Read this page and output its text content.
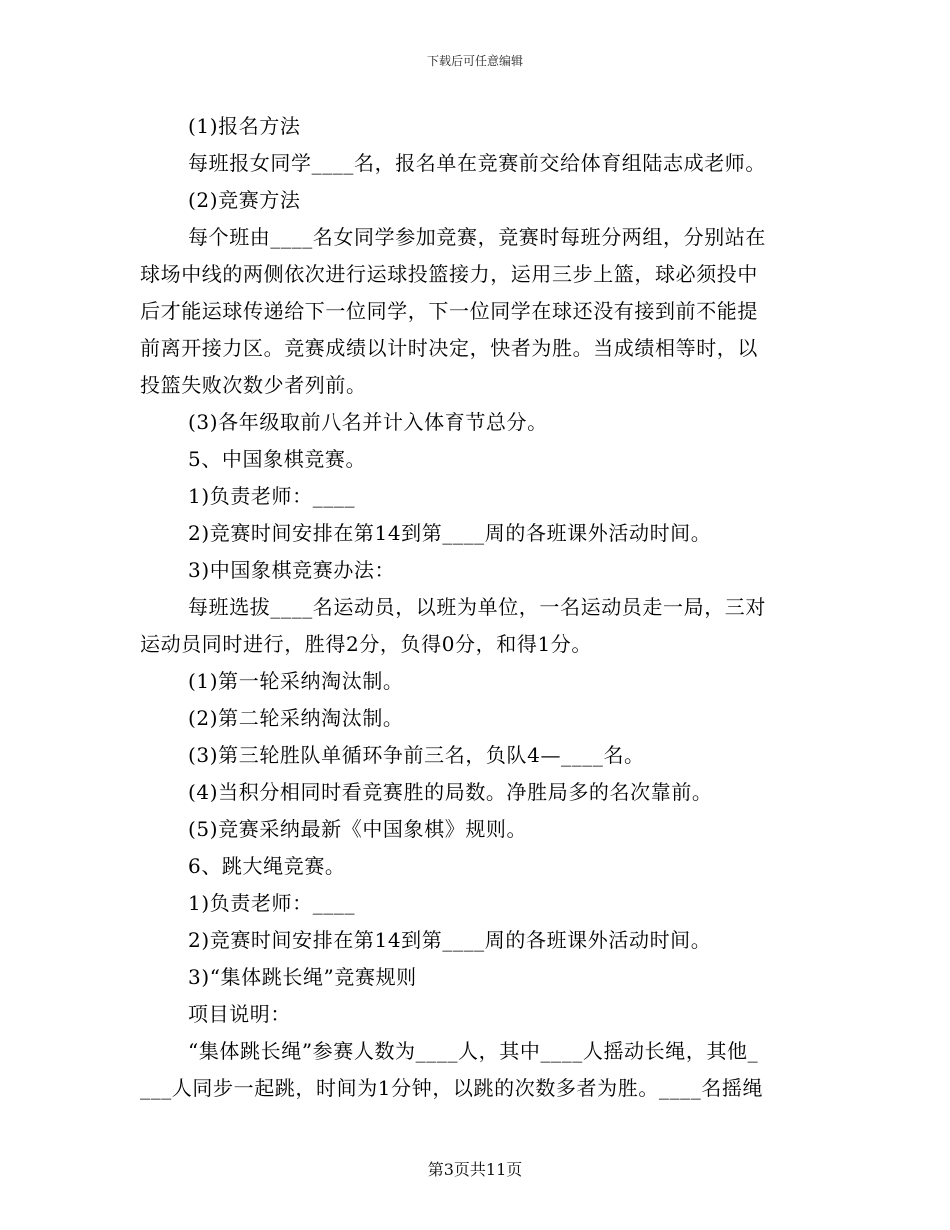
下载后可任意编辑
(1)报名方法
每班报女同学____名，报名单在竞赛前交给体育组陆志成老师。
(2)竞赛方法
每个班由____名女同学参加竞赛，竞赛时每班分两组，分别站在
球场中线的两侧依次进行运球投篮接力，运用三步上篮，球必须投中
后才能运球传递给下一位同学，下一位同学在球还没有接到前不能提
前离开接力区。竞赛成绩以计时决定，快者为胜。当成绩相等时，以
投篮失败次数少者列前。
(3)各年级取前八名并计入体育节总分。
5、中国象棋竞赛。
1)负责老师：____
2)竞赛时间安排在第14到第____周的各班课外活动时间。
3)中国象棋竞赛办法：
每班选拔____名运动员，以班为单位，一名运动员走一局，三对
运动员同时进行，胜得2分，负得0分，和得1分。
(1)第一轮采纳淘汰制。
(2)第二轮采纳淘汰制。
(3)第三轮胜队单循环争前三名，负队4—____名。
(4)当积分相同时看竞赛胜的局数。净胜局多的名次靠前。
(5)竞赛采纳最新《中国象棋》规则。
6、跳大绳竞赛。
1)负责老师：____
2)竞赛时间安排在第14到第____周的各班课外活动时间。
3)“集体跳长绳”竞赛规则
项目说明：
“集体跳长绳”参赛人数为____人，其中____人摇动长绳，其他_
___人同步一起跳，时间为1分钟，以跳的次数多者为胜。____名摇绳
第3页共11页
